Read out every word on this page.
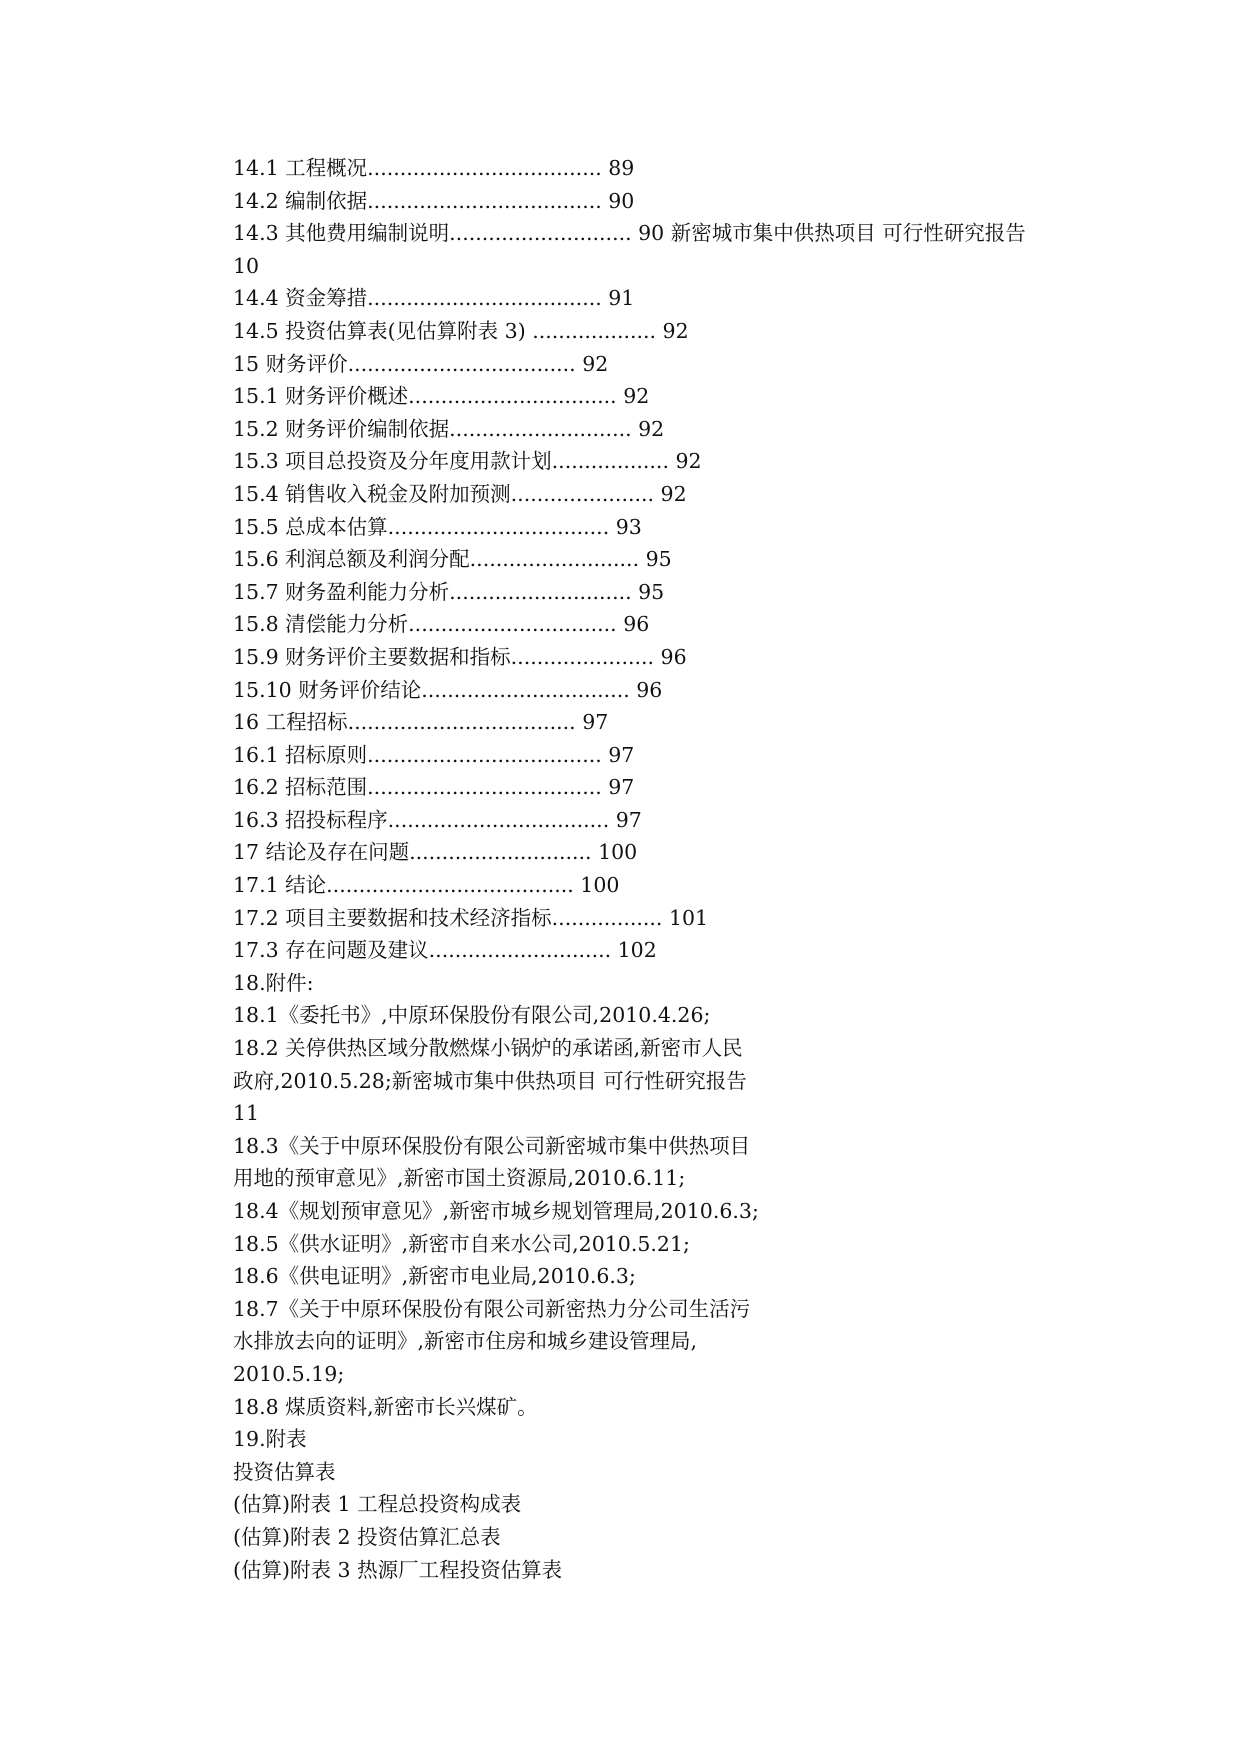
14.1 工程概况.................................... 89
14.2 编制依据.................................... 90
14.3 其他费用编制说明............................ 90 新密城市集中供热项目 可行性研究报告
10
14.4 资金筹措.................................... 91
14.5 投资估算表(见估算附表 3) ................... 92
15 财务评价................................... 92
15.1 财务评价概述................................ 92
15.2 财务评价编制依据............................ 92
15.3 项目总投资及分年度用款计划.................. 92
15.4 销售收入税金及附加预测...................... 92
15.5 总成本估算.................................. 93
15.6 利润总额及利润分配.......................... 95
15.7 财务盈利能力分析............................ 95
15.8 清偿能力分析................................ 96
15.9 财务评价主要数据和指标...................... 96
15.10 财务评价结论................................ 96
16 工程招标................................... 97
16.1 招标原则.................................... 97
16.2 招标范围.................................... 97
16.3 招投标程序.................................. 97
17 结论及存在问题............................ 100
17.1 结论...................................... 100
17.2 项目主要数据和技术经济指标................. 101
17.3 存在问题及建议............................ 102
18.附件:
18.1《委托书》,中原环保股份有限公司,2010.4.26;
18.2 关停供热区域分散燃煤小锅炉的承诺函,新密市人民
政府,2010.5.28;新密城市集中供热项目 可行性研究报告
11
18.3《关于中原环保股份有限公司新密城市集中供热项目
用地的预审意见》,新密市国土资源局,2010.6.11;
18.4《规划预审意见》,新密市城乡规划管理局,2010.6.3;
18.5《供水证明》,新密市自来水公司,2010.5.21;
18.6《供电证明》,新密市电业局,2010.6.3;
18.7《关于中原环保股份有限公司新密热力分公司生活污
水排放去向的证明》,新密市住房和城乡建设管理局,
2010.5.19;
18.8 煤质资料,新密市长兴煤矿。
19.附表
投资估算表
(估算)附表 1 工程总投资构成表
(估算)附表 2 投资估算汇总表
(估算)附表 3 热源厂工程投资估算表
